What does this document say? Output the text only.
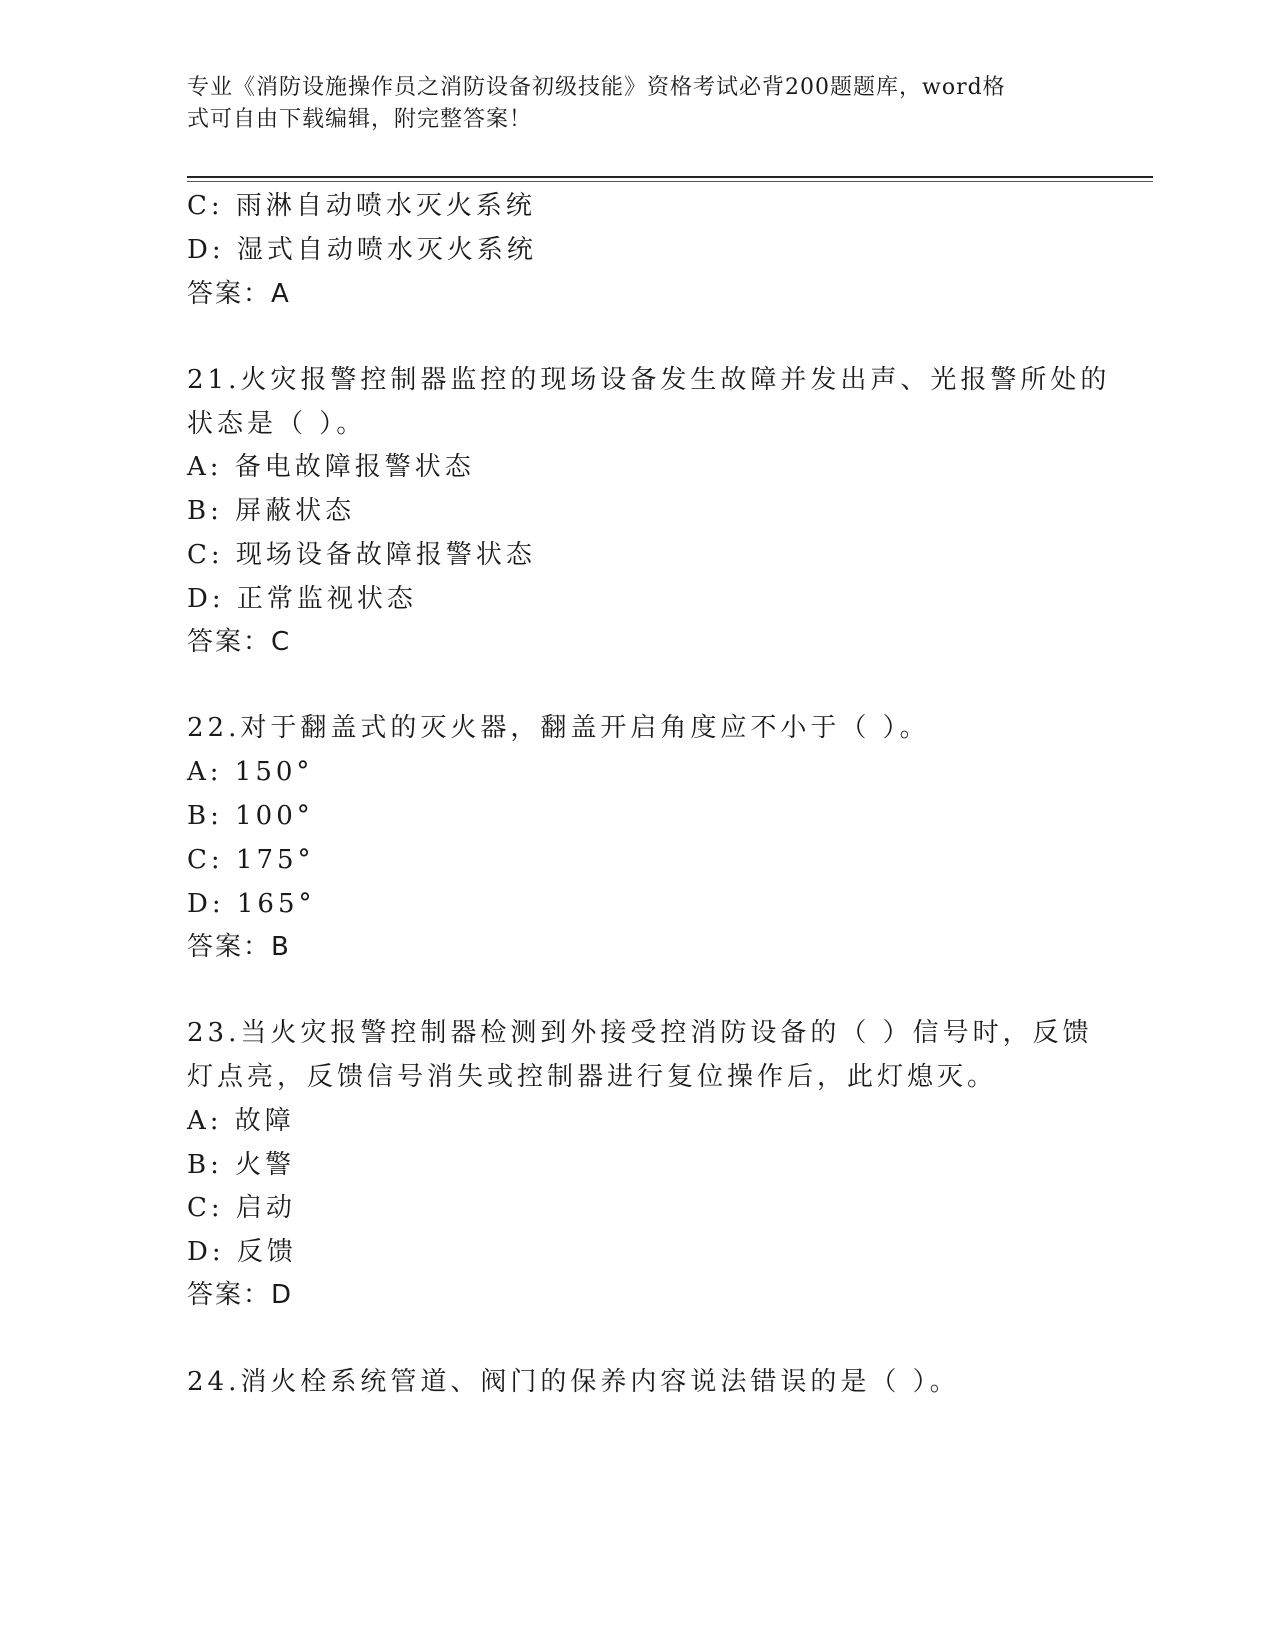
专业《消防设施操作员之消防设备初级技能》资格考试必背200题题库，word格
式可自由下载编辑，附完整答案！
C: 雨淋自动喷水灭火系统
D: 湿式自动喷水灭火系统
答案：A
21.火灾报警控制器监控的现场设备发生故障并发出声、光报警所处的
状态是（ ）。
A: 备电故障报警状态
B: 屏蔽状态
C: 现场设备故障报警状态
D: 正常监视状态
答案：C
22.对于翻盖式的灭火器，翻盖开启角度应不小于（ ）。
A: 150°
B: 100°
C: 175°
D: 165°
答案：B
23.当火灾报警控制器检测到外接受控消防设备的（ ）信号时，反馈
灯点亮，反馈信号消失或控制器进行复位操作后，此灯熄灭。
A: 故障
B: 火警
C: 启动
D: 反馈
答案：D
24.消火栓系统管道、阀门的保养内容说法错误的是（ ）。
